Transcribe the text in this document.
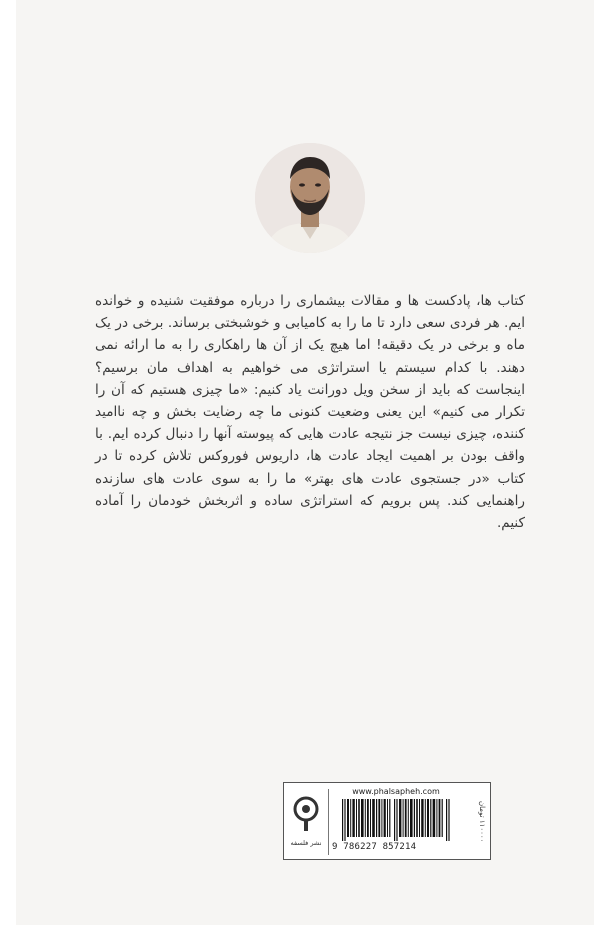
کتاب ها، پادکست ها و مقالات بیشماری را درباره موفقیت شنیده و خوانده ایم. هر فردی سعی دارد تا ما را به کامیابی و خوشبختی برساند. برخی در یک ماه و برخی در یک دقیقه! اما هیچ یک از آن ها راهکاری را به ما ارائه نمی دهند. با کدام سیستم یا استراتژی می خواهیم به اهداف مان برسیم؟ اینجاست که باید از سخن ویل دورانت یاد کنیم: «ما چیزی هستیم که آن را تکرار می کنیم» این یعنی وضعیت کنونی ما چه رضایت بخش و چه ناامید کننده، چیزی نیست جز نتیجه عادت هایی که پیوسته آنها را دنبال کرده ایم. با واقف بودن بر اهمیت ایجاد عادت ها، داریوس فوروکس تلاش کرده تا در کتاب «در جستجوی عادت های بهتر» ما را به سوی عادت های سازنده راهنمایی کند. پس برویم که استراتژی ساده و اثربخش خودمان را آماده کنیم.
نشر فلسفه
www.phalsapheh.com
9 786227 857214
۱۱۰۰۰۰ تومان
